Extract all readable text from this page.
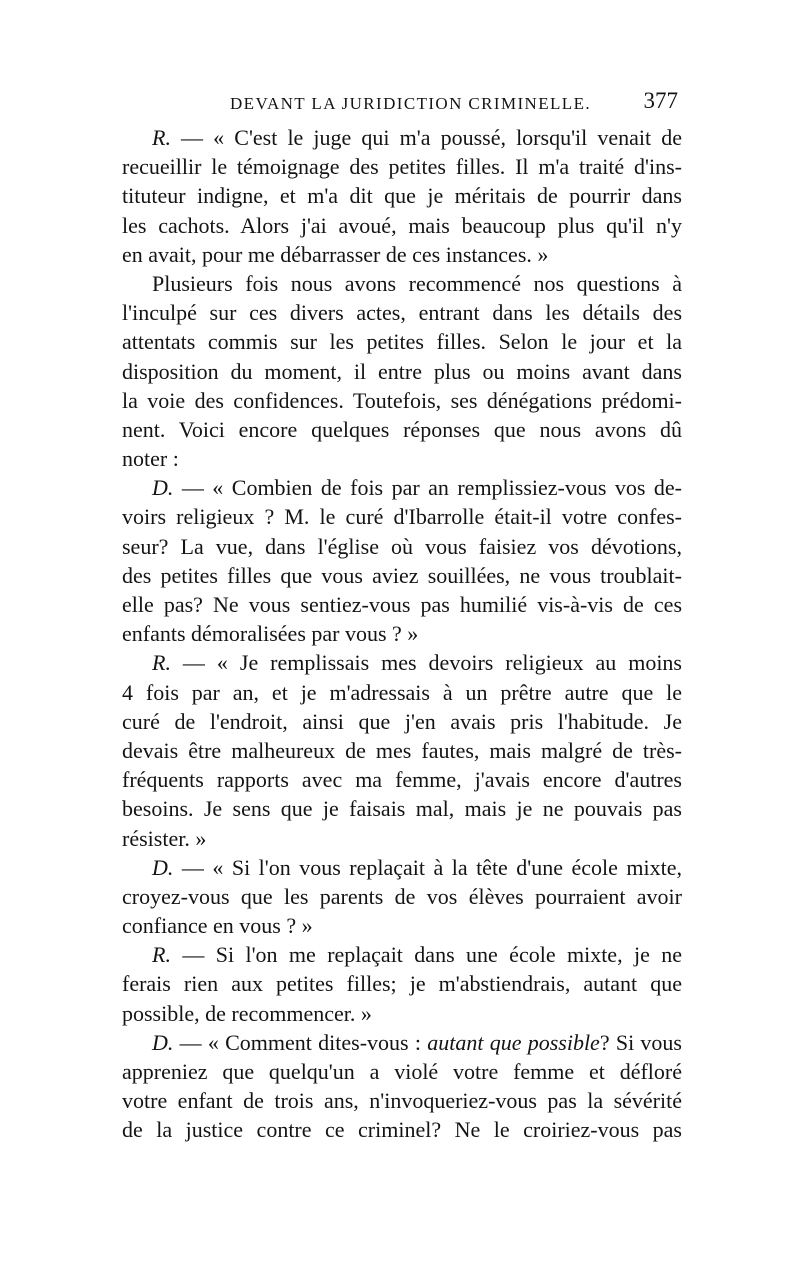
DEVANT LA JURIDICTION CRIMINELLE. 377
R. — « C'est le juge qui m'a poussé, lorsqu'il venait de
recueillir le témoignage des petites filles. Il m'a traité d'ins-
tituteur indigne, et m'a dit que je méritais de pourrir dans
les cachots. Alors j'ai avoué, mais beaucoup plus qu'il n'y
en avait, pour me débarrasser de ces instances. »
Plusieurs fois nous avons recommencé nos questions à
l'inculpé sur ces divers actes, entrant dans les détails des
attentats commis sur les petites filles. Selon le jour et la
disposition du moment, il entre plus ou moins avant dans
la voie des confidences. Toutefois, ses dénégations prédomi-
nent. Voici encore quelques réponses que nous avons dû
noter :
D. — « Combien de fois par an remplissiez-vous vos de-
voirs religieux ? M. le curé d'Ibarrolle était-il votre confes-
seur? La vue, dans l'église où vous faisiez vos dévotions,
des petites filles que vous aviez souillées, ne vous troublait-
elle pas? Ne vous sentiez-vous pas humilié vis-à-vis de ces
enfants démoralisées par vous ? »
R. — « Je remplissais mes devoirs religieux au moins
4 fois par an, et je m'adressais à un prêtre autre que le
curé de l'endroit, ainsi que j'en avais pris l'habitude. Je
devais être malheureux de mes fautes, mais malgré de très-
fréquents rapports avec ma femme, j'avais encore d'autres
besoins. Je sens que je faisais mal, mais je ne pouvais pas
résister. »
D. — « Si l'on vous replaçait à la tête d'une école mixte,
croyez-vous que les parents de vos élèves pourraient avoir
confiance en vous ? »
R. — Si l'on me replaçait dans une école mixte, je ne
ferais rien aux petites filles; je m'abstiendrais, autant que
possible, de recommencer. »
D. — « Comment dites-vous : autant que possible? Si vous
appreniez que quelqu'un a violé votre femme et défloré
votre enfant de trois ans, n'invoqueriez-vous pas la sévérité
de la justice contre ce criminel? Ne le croiriez-vous pas
